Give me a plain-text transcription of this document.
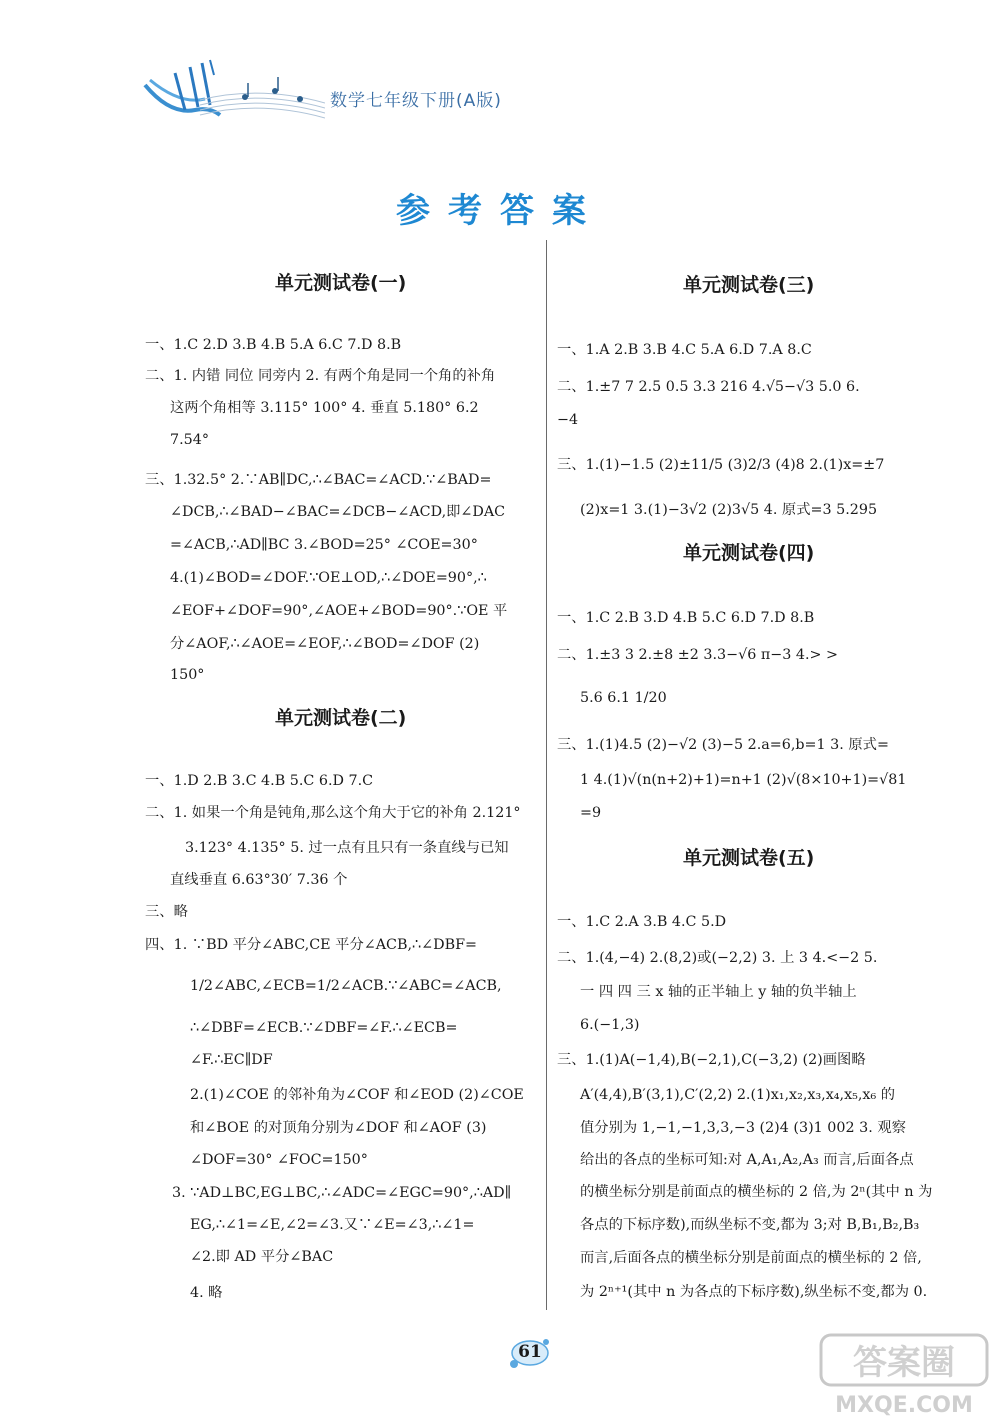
数学七年级下册(A版)
参考答案
单元测试卷(一)
一、1.C 2.D 3.B 4.B 5.A 6.C 7.D 8.B
二、1. 内错 同位 同旁内 2. 有两个角是同一个角的补角
这两个角相等 3.115° 100° 4. 垂直 5.180° 6.2
7.54°
三、1.32.5° 2.∵AB∥DC,∴∠BAC=∠ACD.∵∠BAD=
∠DCB,∴∠BAD−∠BAC=∠DCB−∠ACD,即∠DAC
=∠ACB,∴AD∥BC 3.∠BOD=25° ∠COE=30°
4.(1)∠BOD=∠DOF.∵OE⊥OD,∴∠DOE=90°,∴
∠EOF+∠DOF=90°,∠AOE+∠BOD=90°.∵OE 平
分∠AOF,∴∠AOE=∠EOF,∴∠BOD=∠DOF (2)
150°
单元测试卷(二)
一、1.D 2.B 3.C 4.B 5.C 6.D 7.C
二、1. 如果一个角是钝角,那么这个角大于它的补角 2.121°
3.123° 4.135° 5. 过一点有且只有一条直线与已知
直线垂直 6.63°30′ 7.36 个
三、略
四、1. ∵BD 平分∠ABC,CE 平分∠ACB,∴∠DBF=
1/2∠ABC,∠ECB=1/2∠ACB.∵∠ABC=∠ACB,
∴∠DBF=∠ECB.∵∠DBF=∠F.∴∠ECB=
∠F.∴EC∥DF
2.(1)∠COE 的邻补角为∠COF 和∠EOD (2)∠COE
和∠BOE 的对顶角分别为∠DOF 和∠AOF (3)
∠DOF=30° ∠FOC=150°
3. ∵AD⊥BC,EG⊥BC,∴∠ADC=∠EGC=90°,∴AD∥
EG,∴∠1=∠E,∠2=∠3.又∵∠E=∠3,∴∠1=
∠2.即 AD 平分∠BAC
4. 略
单元测试卷(三)
一、1.A 2.B 3.B 4.C 5.A 6.D 7.A 8.C
二、1.±7 7 2.5 0.5 3.3 216 4.√5−√3 5.0 6.
−4
三、1.(1)−1.5 (2)±11/5 (3)2/3 (4)8 2.(1)x=±7
(2)x=1 3.(1)−3√2 (2)3√5 4. 原式=3 5.295
单元测试卷(四)
一、1.C 2.B 3.D 4.B 5.C 6.D 7.D 8.B
二、1.±3 3 2.±8 ±2 3.3−√6 π−3 4.> >
5.6 6.1 1/20
三、1.(1)4.5 (2)−√2 (3)−5 2.a=6,b=1 3. 原式=
1 4.(1)√(n(n+2)+1)=n+1 (2)√(8×10+1)=√81
=9
单元测试卷(五)
一、1.C 2.A 3.B 4.C 5.D
二、1.(4,−4) 2.(8,2)或(−2,2) 3. 上 3 4.<−2 5.
一 四 四 三 x 轴的正半轴上 y 轴的负半轴上
6.(−1,3)
三、1.(1)A(−1,4),B(−2,1),C(−3,2) (2)画图略
A′(4,4),B′(3,1),C′(2,2) 2.(1)x₁,x₂,x₃,x₄,x₅,x₆ 的
值分别为 1,−1,−1,3,3,−3 (2)4 (3)1 002 3. 观察
给出的各点的坐标可知:对 A,A₁,A₂,A₃ 而言,后面各点
的横坐标分别是前面点的横坐标的 2 倍,为 2ⁿ(其中 n 为
各点的下标序数),而纵坐标不变,都为 3;对 B,B₁,B₂,B₃
而言,后面各点的横坐标分别是前面点的横坐标的 2 倍,
为 2ⁿ⁺¹(其中 n 为各点的下标序数),纵坐标不变,都为 0.
61	答案圈
MXQE.COM
